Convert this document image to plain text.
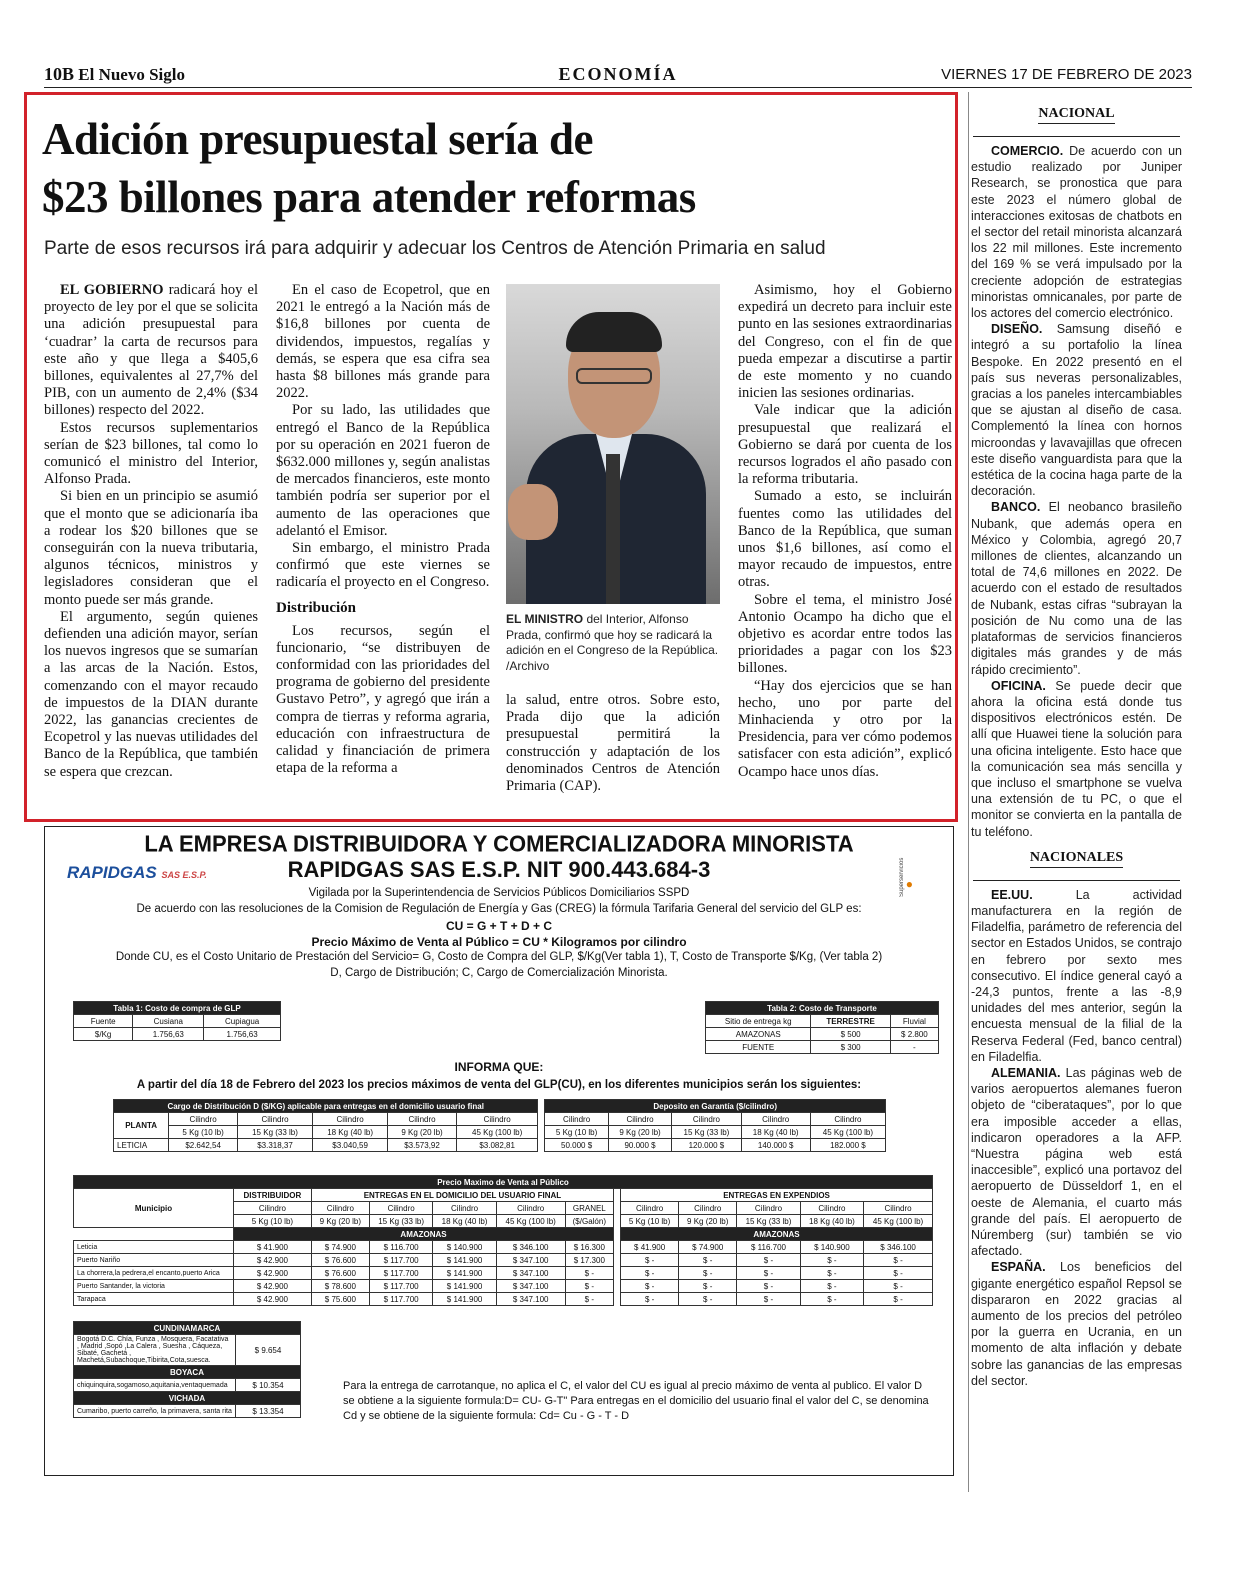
10B El Nuevo Siglo	ECONOMÍA	VIERNES 17 DE FEBRERO DE 2023
Adición presupuestal sería de
$23 billones para atender reformas
Parte de esos recursos irá para adquirir y adecuar los Centros de Atención Primaria en salud

EL GOBIERNO radicará hoy el proyecto de ley por el que se solicita una adición presupuestal para ‘cuadrar’ la carta de recursos para este año y que llega a $405,6 billones, equivalentes al 27,7% del PIB, con un aumento de 2,4% ($34 billones) respecto del 2022.

Estos recursos suplementarios serían de $23 billones, tal como lo comunicó el ministro del Interior, Alfonso Prada.

Si bien en un principio se asumió que el monto que se adicionaría iba a rodear los $20 billones que se conseguirán con la nueva tributaria, algunos técnicos, ministros y legisladores consideran que el monto puede ser más grande.

El argumento, según quienes defienden una adición mayor, serían los nuevos ingresos que se sumarían a las arcas de la Nación. Estos, comenzando con el mayor recaudo de impuestos de la DIAN durante 2022, las ganancias crecientes de Ecopetrol y las nuevas utilidades del Banco de la República, que también se espera que crezcan.

En el caso de Ecopetrol, que en 2021 le entregó a la Nación más de $16,8 billones por cuenta de dividendos, impuestos, regalías y demás, se espera que esa cifra sea hasta $8 billones más grande para 2022.

Por su lado, las utilidades que entregó el Banco de la República por su operación en 2021 fueron de $632.000 millones y, según analistas de mercados financieros, este monto también podría ser superior por el aumento de las operaciones que adelantó el Emisor.

Sin embargo, el ministro Prada confirmó que este viernes se radicaría el proyecto en el Congreso.

Distribución

Los recursos, según el funcionario, “se distribuyen de conformidad con las prioridades del programa de gobierno del presidente Gustavo Petro”, y agregó que irán a compra de tierras y reforma agraria, educación con infraestructura de calidad y financiación de primera etapa de la reforma a

EL MINISTRO del Interior, Alfonso Prada, confirmó que hoy se radicará la adición en el Congreso de la República. /Archivo

la salud, entre otros. Sobre esto, Prada dijo que la adición presupuestal permitirá la construcción y adaptación de los denominados Centros de Atención Primaria (CAP).

Asimismo, hoy el Gobierno expedirá un decreto para incluir este punto en las sesiones extraordinarias del Congreso, con el fin de que pueda empezar a discutirse a partir de este momento y no cuando inicien las sesiones ordinarias.

Vale indicar que la adición presupuestal que realizará el Gobierno se dará por cuenta de los recursos logrados el año pasado con la reforma tributaria.

Sumado a esto, se incluirán fuentes como las utilidades del Banco de la República, que suman unos $1,6 billones, así como el mayor recaudo de impuestos, entre otras.

Sobre el tema, el ministro José Antonio Ocampo ha dicho que el objetivo es acordar entre todos las prioridades a pagar con los $23 billones.

“Hay dos ejercicios que se han hecho, uno por parte del Minhacienda y otro por la Presidencia, para ver cómo podemos satisfacer con esta adición”, explicó Ocampo hace unos días.

LA EMPRESA DISTRIBUIDORA Y COMERCIALIZADORA MINORISTA
RAPIDGAS SAS E.S.P. NIT 900.443.684-3
RAPIDGAS SAS E.S.P.	Superservicios ●
Vigilada por la Superintendencia de Servicios Públicos Domiciliarios SSPD
De acuerdo con las resoluciones de la Comision de Regulación de Energía y Gas (CREG) la fórmula Tarifaria General del servicio del GLP es:
CU = G + T + D + C
Precio Máximo de Venta al Público = CU * Kilogramos por cilindro
Donde CU, es el Costo Unitario de Prestación del Servicio= G, Costo de Compra del GLP, $/Kg(Ver tabla 1), T, Costo de Transporte $/Kg, (Ver tabla 2)
D, Cargo de Distribución; C, Cargo de Comercialización Minorista.
Tabla 1: Costo de compra de GLP		
Fuente	Cusiana	Cupiagua
$/Kg	1.756,63	1.756,63
Tabla 2: Costo de Transporte		
Sitio de entrega kg	TERRESTRE	Fluvial
AMAZONAS	$ 500	$ 2.800
FUENTE	$ 300	-
INFORMA QUE:
A partir del día 18 de Febrero del 2023 los precios máximos de venta del GLP(CU), en los diferentes municipios serán los siguientes:
Cargo de Distribución D ($/KG) aplicable para entregas en el domicilio usuario final							Deposito en Garantía ($/cilindro)				
PLANTA	Cilindro	Cilindro	Cilindro	Cilindro	Cilindro		Cilindro	Cilindro	Cilindro	Cilindro	Cilindro
	5 Kg (10 lb)	15 Kg (33 lb)	18 Kg (40 lb)	9 Kg (20 lb)	45 Kg (100 lb)		5 Kg (10 lb)	9 Kg (20 lb)	15 Kg (33 lb)	18 Kg (40 lb)	45 Kg (100 lb)
LETICIA	$2.642,54	$3.318,37	$3.040,59	$3.573,92	$3.082,81		50.000 $	90.000 $	120.000 $	140.000 $	182.000 $
Precio Maximo de Venta al Público												
Municipio	DISTRIBUIDOR	ENTREGAS EN EL DOMICILIO DEL USUARIO FINAL						ENTREGAS EN EXPENDIOS				
	Cilindro	Cilindro	Cilindro	Cilindro	Cilindro	GRANEL		Cilindro	Cilindro	Cilindro	Cilindro	Cilindro
	5 Kg (10 lb)	9 Kg (20 lb)	15 Kg (33 lb)	18 Kg (40 lb)	45 Kg (100 lb)	($/Galón)		5 Kg (10 lb)	9 Kg (20 lb)	15 Kg (33 lb)	18 Kg (40 lb)	45 Kg (100 lb)
	AMAZONAS							AMAZONAS				
Leticia	$ 41.900	$ 74.900	$ 116.700	$ 140.900	$ 346.100	$ 16.300		$ 41.900	$ 74.900	$ 116.700	$ 140.900	$ 346.100
Puerto Nariño	$ 42.900	$ 76.600	$ 117.700	$ 141.900	$ 347.100	$ 17.300		$ -	$ -	$ -	$ -	$ -
La chorrera,la pedrera,el encanto,puerto Arica	$ 42.900	$ 76.600	$ 117.700	$ 141.900	$ 347.100	$ -		$ -	$ -	$ -	$ -	$ -
Puerto Santander, la victoria	$ 42.900	$ 78.600	$ 117.700	$ 141.900	$ 347.100	$ -		$ -	$ -	$ -	$ -	$ -
Tarapaca	$ 42.900	$ 75.600	$ 117.700	$ 141.900	$ 347.100	$ -		$ -	$ -	$ -	$ -	$ -
CUNDINAMARCA	
Bogotá D.C. Chía, Funza , Mosquera, Facatativa , Madrid ,Sopó ,La Calera , Suesha , Cáqueza, Sibaté, Gachetá , Machetá,Subachoque,Tibirita,Cota,suesca.	$ 9.654
BOYACA	
chiquinquira,sogamoso,aquitania,ventaquemada	$ 10.354
VICHADA	
Cumaribo, puerto carreño, la primavera, santa rita	$ 13.354
Para la entrega de carrotanque, no aplica el C, el valor del CU es igual al precio máximo de venta al publico. El valor D se obtiene a la siguiente formula:D= CU- G-T" Para entregas en el domicilio del usuario final el valor del C, se denomina Cd y se obtiene de la siguiente formula: Cd= Cu - G - T - D
NACIONAL

COMERCIO. De acuerdo con un estudio realizado por Juniper Research, se pronostica que para este 2023 el número global de interacciones exitosas de chatbots en el sector del retail minorista alcanzará los 22 mil millones. Este incremento del 169 % se verá impulsado por la creciente adopción de estrategias minoristas omnicanales, por parte de los actores del comercio electrónico.

DISEÑO. Samsung diseñó e integró a su portafolio la línea Bespoke. En 2022 presentó en el país sus neveras personalizables, gracias a los paneles intercambiables que se ajustan al diseño de casa. Complementó la línea con hornos microondas y lavavajillas que ofrecen este diseño vanguardista para que la estética de la cocina haga parte de la decoración.

BANCO. El neobanco brasileño Nubank, que además opera en México y Colombia, agregó 20,7 millones de clientes, alcanzando un total de 74,6 millones en 2022. De acuerdo con el estado de resultados de Nubank, estas cifras “subrayan la posición de Nu como una de las plataformas de servicios financieros digitales más grandes y de más rápido crecimiento”.

OFICINA. Se puede decir que ahora la oficina está donde tus dispositivos electrónicos estén. De allí que Huawei tiene la solución para una oficina inteligente. Esto hace que la comunicación sea más sencilla y que incluso el smartphone se vuelva una extensión de tu PC, o que el monitor se convierta en la pantalla de tu teléfono.

NACIONALES

EE.UU. La actividad manufacturera en la región de Filadelfia, parámetro de referencia del sector en Estados Unidos, se contrajo en febrero por sexto mes consecutivo. El índice general cayó a -24,3 puntos, frente a las -8,9 unidades del mes anterior, según la encuesta mensual de la filial de la Reserva Federal (Fed, banco central) en Filadelfia.

ALEMANIA. Las páginas web de varios aeropuertos alemanes fueron objeto de “ciberataques”, por lo que era imposible acceder a ellas, indicaron operadores a la AFP. “Nuestra página web está inaccesible”, explicó una portavoz del aeropuerto de Düsseldorf 1, en el oeste de Alemania, el cuarto más grande del país. El aeropuerto de Núremberg (sur) también se vio afectado.

ESPAÑA. Los beneficios del gigante energético español Repsol se dispararon en 2022 gracias al aumento de los precios del petróleo por la guerra en Ucrania, en un momento de alta inflación y debate sobre las ganancias de las empresas del sector.
